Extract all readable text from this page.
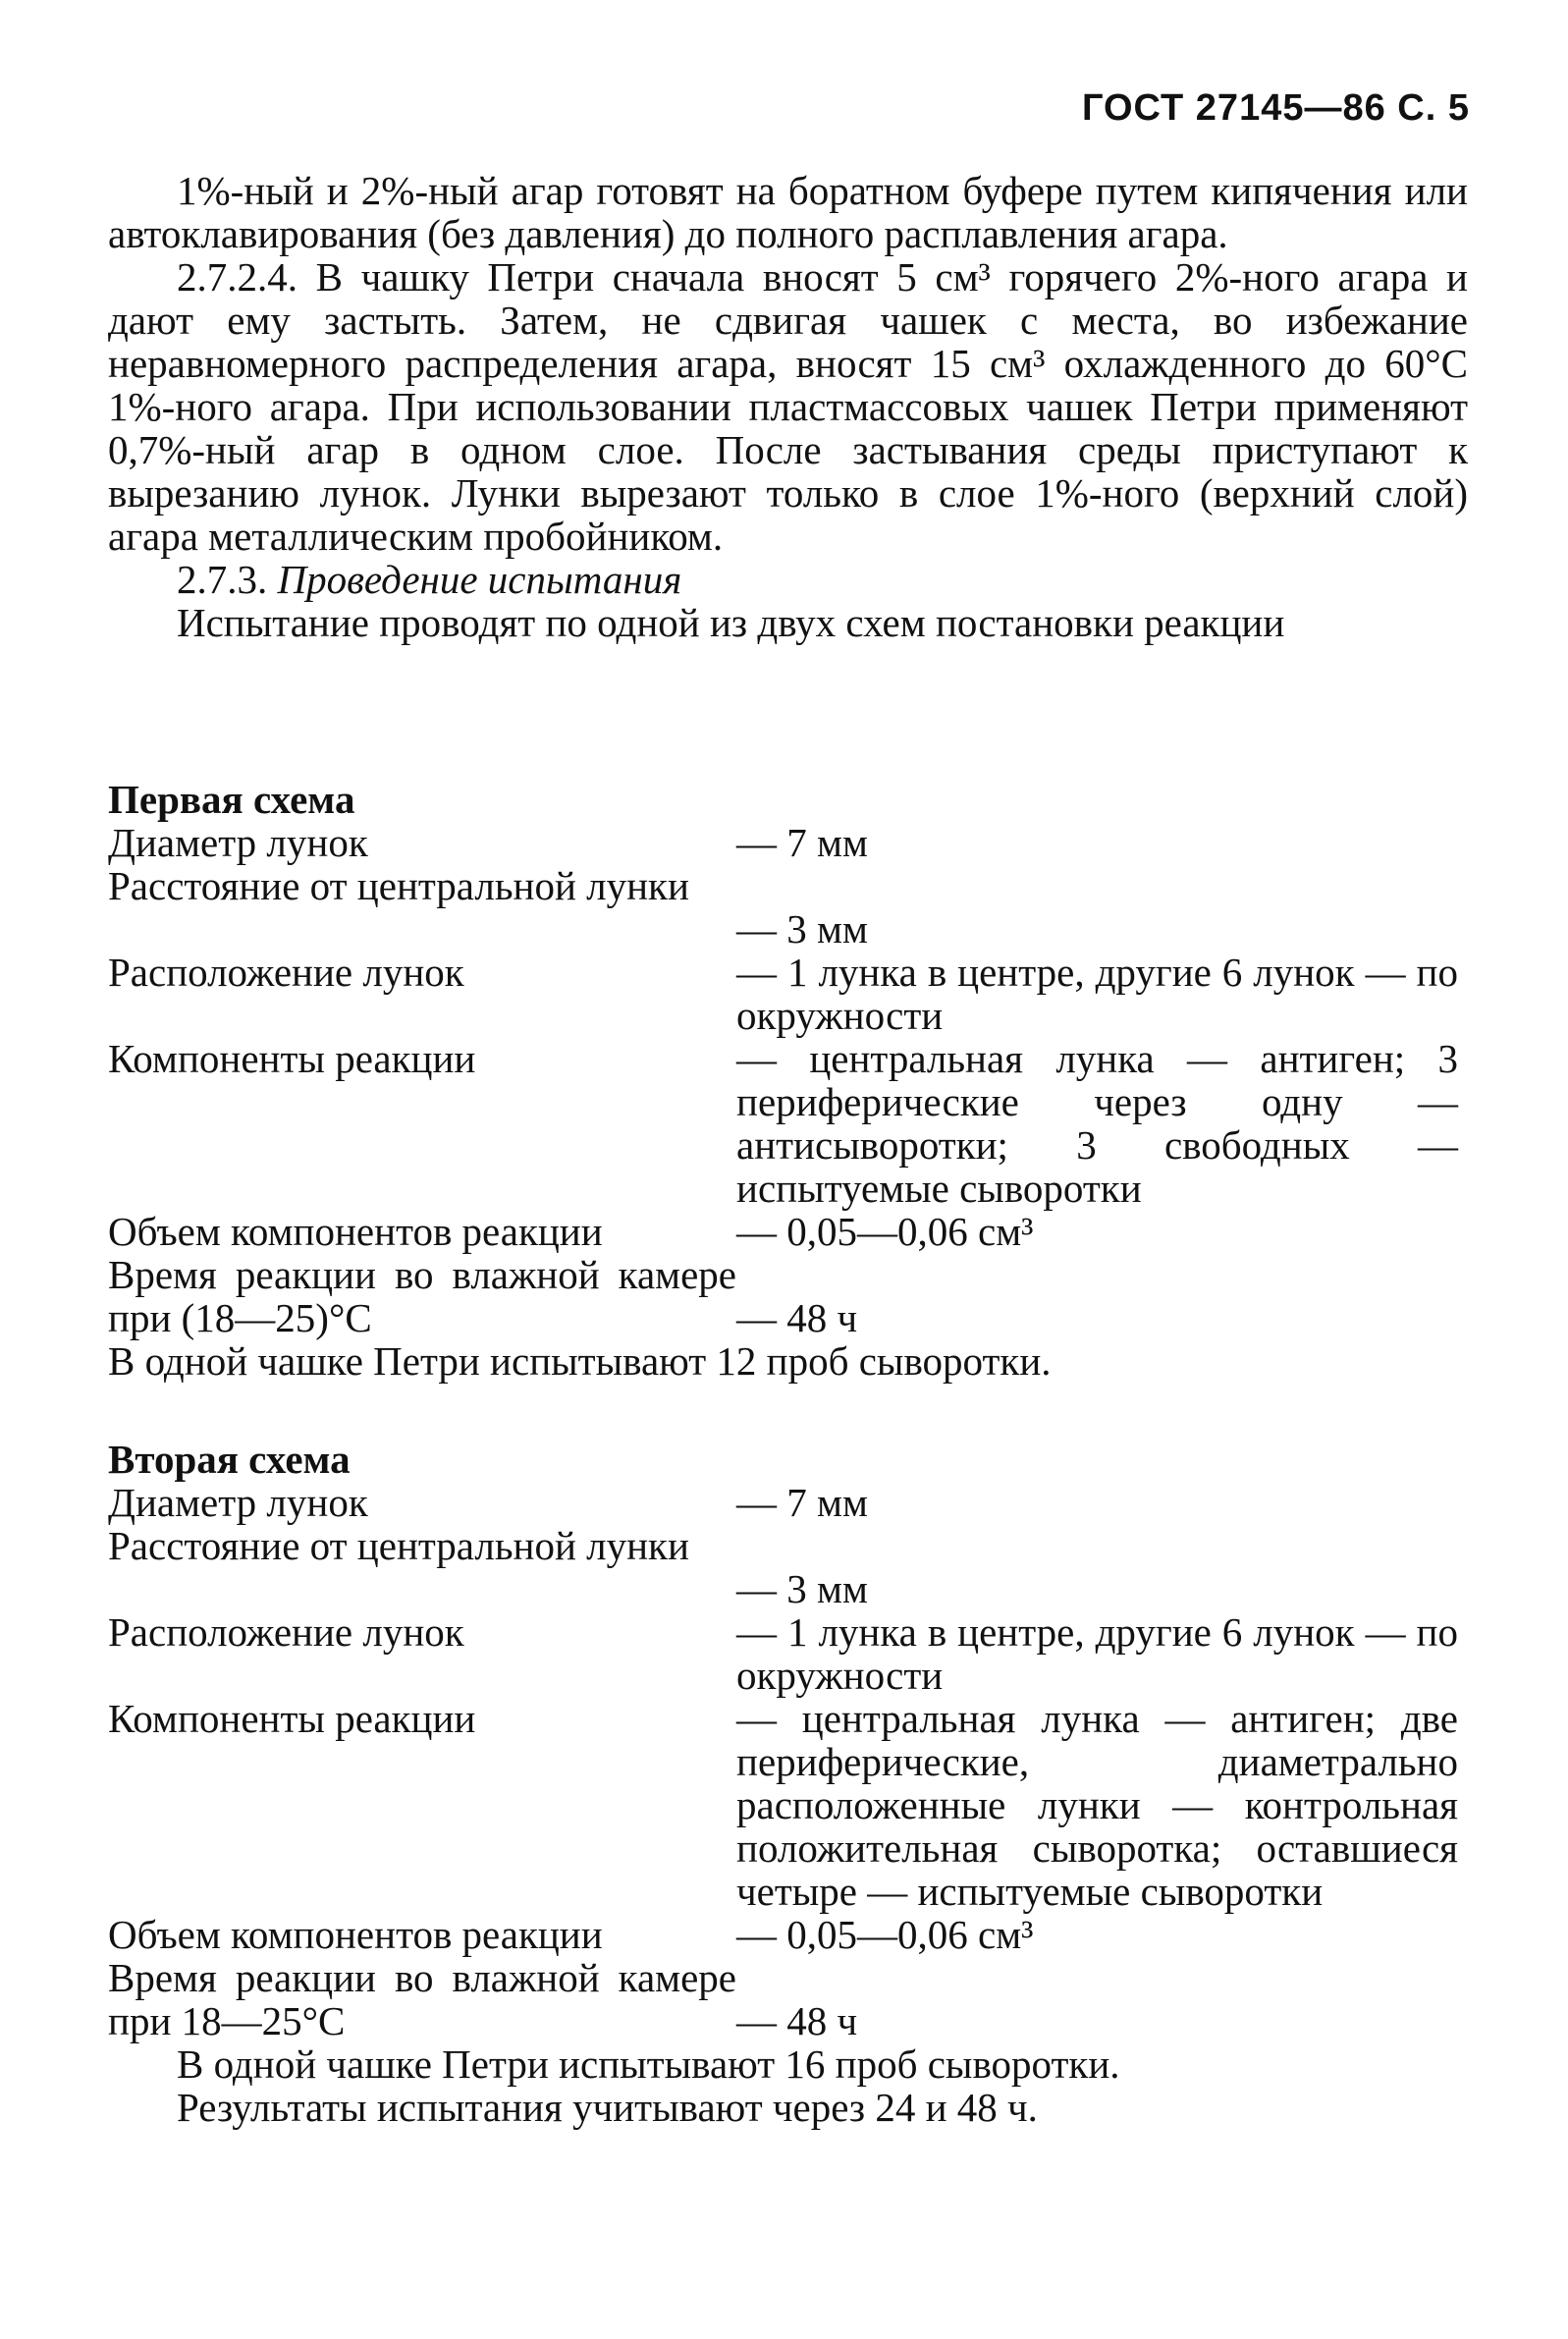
ГОСТ 27145—86 С. 5

1%-ный и 2%-ный агар готовят на боратном буфере путем кипячения или автоклавирования (без давления) до полного расплавления агара.

2.7.2.4. В чашку Петри сначала вносят 5 см³ горячего 2%-ного агара и дают ему застыть. Затем, не сдвигая чашек с места, во избежание неравномерного распределения агара, вносят 15 см³ охлажденного до 60°С 1%-ного агара. При использовании пластмассовых чашек Петри применяют 0,7%-ный агар в одном слое. После застывания среды приступают к вырезанию лунок. Лунки вырезают только в слое 1%-ного (верхний слой) агара металлическим пробойником.

2.7.3. Проведение испытания

Испытание проводят по одной из двух схем постановки реакции

Первая схема

Диаметр лунок	— 7 мм
Расстояние от центральной лунки
— 3 мм
Расположение лунок	— 1 лунка в центре, другие 6 лунок — по окружности
Компоненты реакции	— центральная лунка — антиген; 3 периферические через одну — антисыворотки; 3 свободных — испытуемые сыворотки
Объем компонентов реакции	— 0,05—0,06 см³
Время реакции во влажной камере при (18—25)°С	— 48 ч

В одной чашке Петри испытывают 12 проб сыворотки.

Вторая схема

Диаметр лунок	— 7 мм
Расстояние от центральной лунки
— 3 мм
Расположение лунок	— 1 лунка в центре, другие 6 лунок — по окружности
Компоненты реакции	— центральная лунка — антиген; две периферические, диаметрально расположенные лунки — контрольная положительная сыворотка; оставшиеся четыре — испытуемые сыворотки
Объем компонентов реакции	— 0,05—0,06 см³
Время реакции во влажной камере при 18—25°С	— 48 ч

В одной чашке Петри испытывают 16 проб сыворотки.

Результаты испытания учитывают через 24 и 48 ч.
